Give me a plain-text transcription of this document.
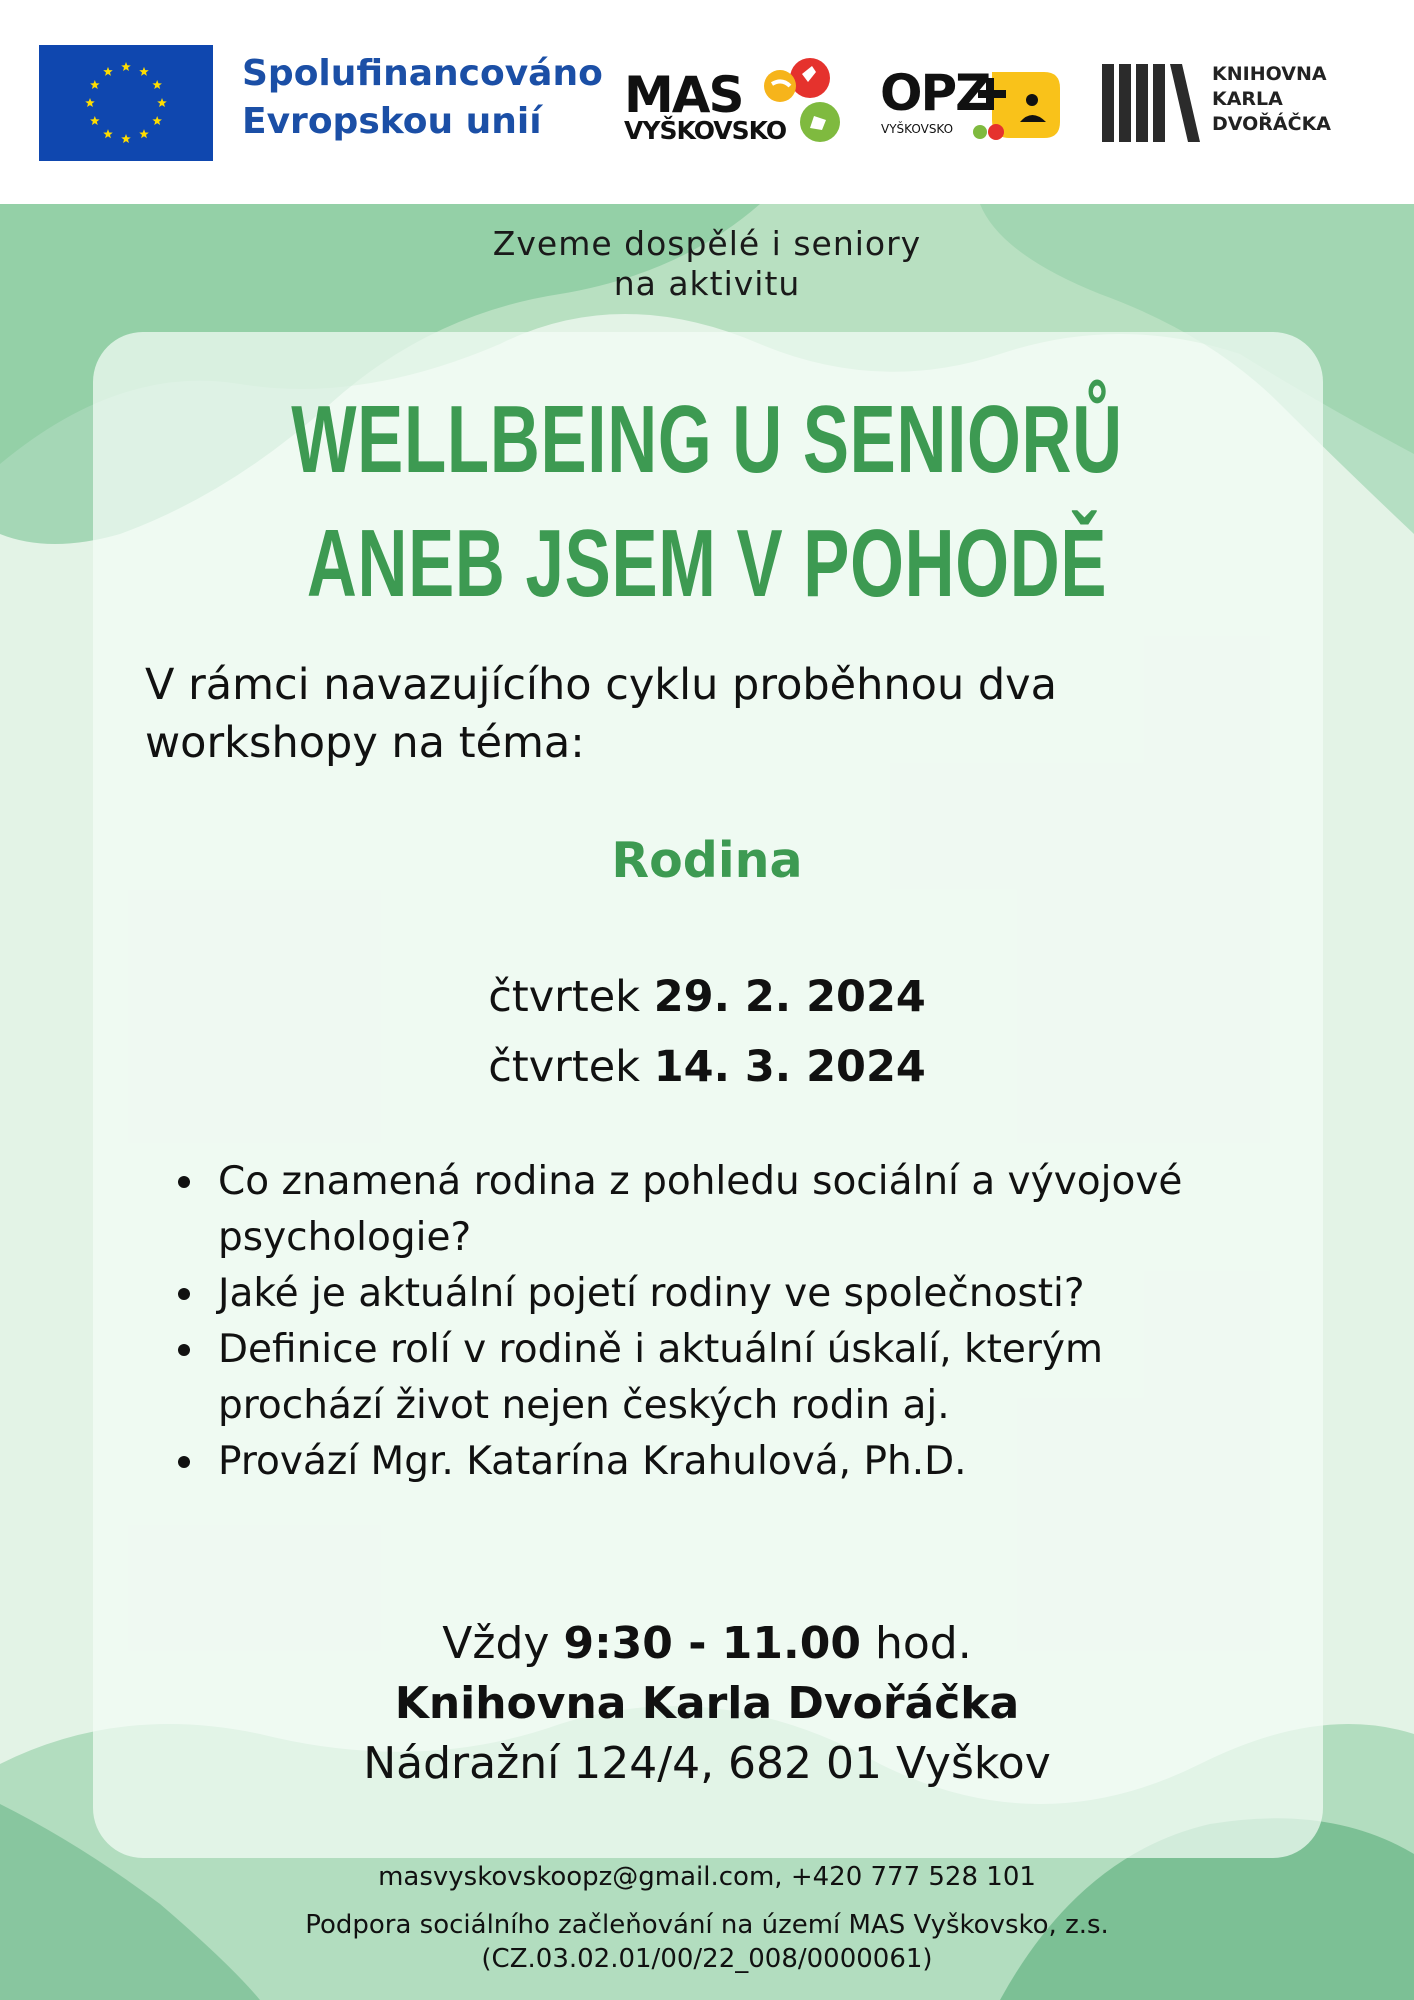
Spolufinancováno
Evropskou unií	MAS
VYŠKOVSKO
OPZ
VYŠKOVSKO
KNIHOVNA
KARLA
DVOŘÁČKA
Zveme dospělé i seniory
na aktivitu
WELLBEING U SENIORŮ
ANEB JSEM V POHODĚ
V rámci navazujícího cyklu proběhnou dva workshopy na téma:
Rodina
čtvrtek 29. 2. 2024
čtvrtek 14. 3. 2024
Co znamená rodina z pohledu sociální a vývojové psychologie?
Jaké je aktuální pojetí rodiny ve společnosti?
Definice rolí v rodině i aktuální úskalí, kterým prochází život nejen českých rodin aj.
Provází Mgr. Katarína Krahulová, Ph.D.
Vždy 9:30 - 11.00 hod.
Knihovna Karla Dvořáčka
Nádražní 124/4, 682 01 Vyškov
masvyskovskoopz@gmail.com, +420 777 528 101
Podpora sociálního začleňování na území MAS Vyškovsko, z.s.
(CZ.03.02.01/00/22_008/0000061)
